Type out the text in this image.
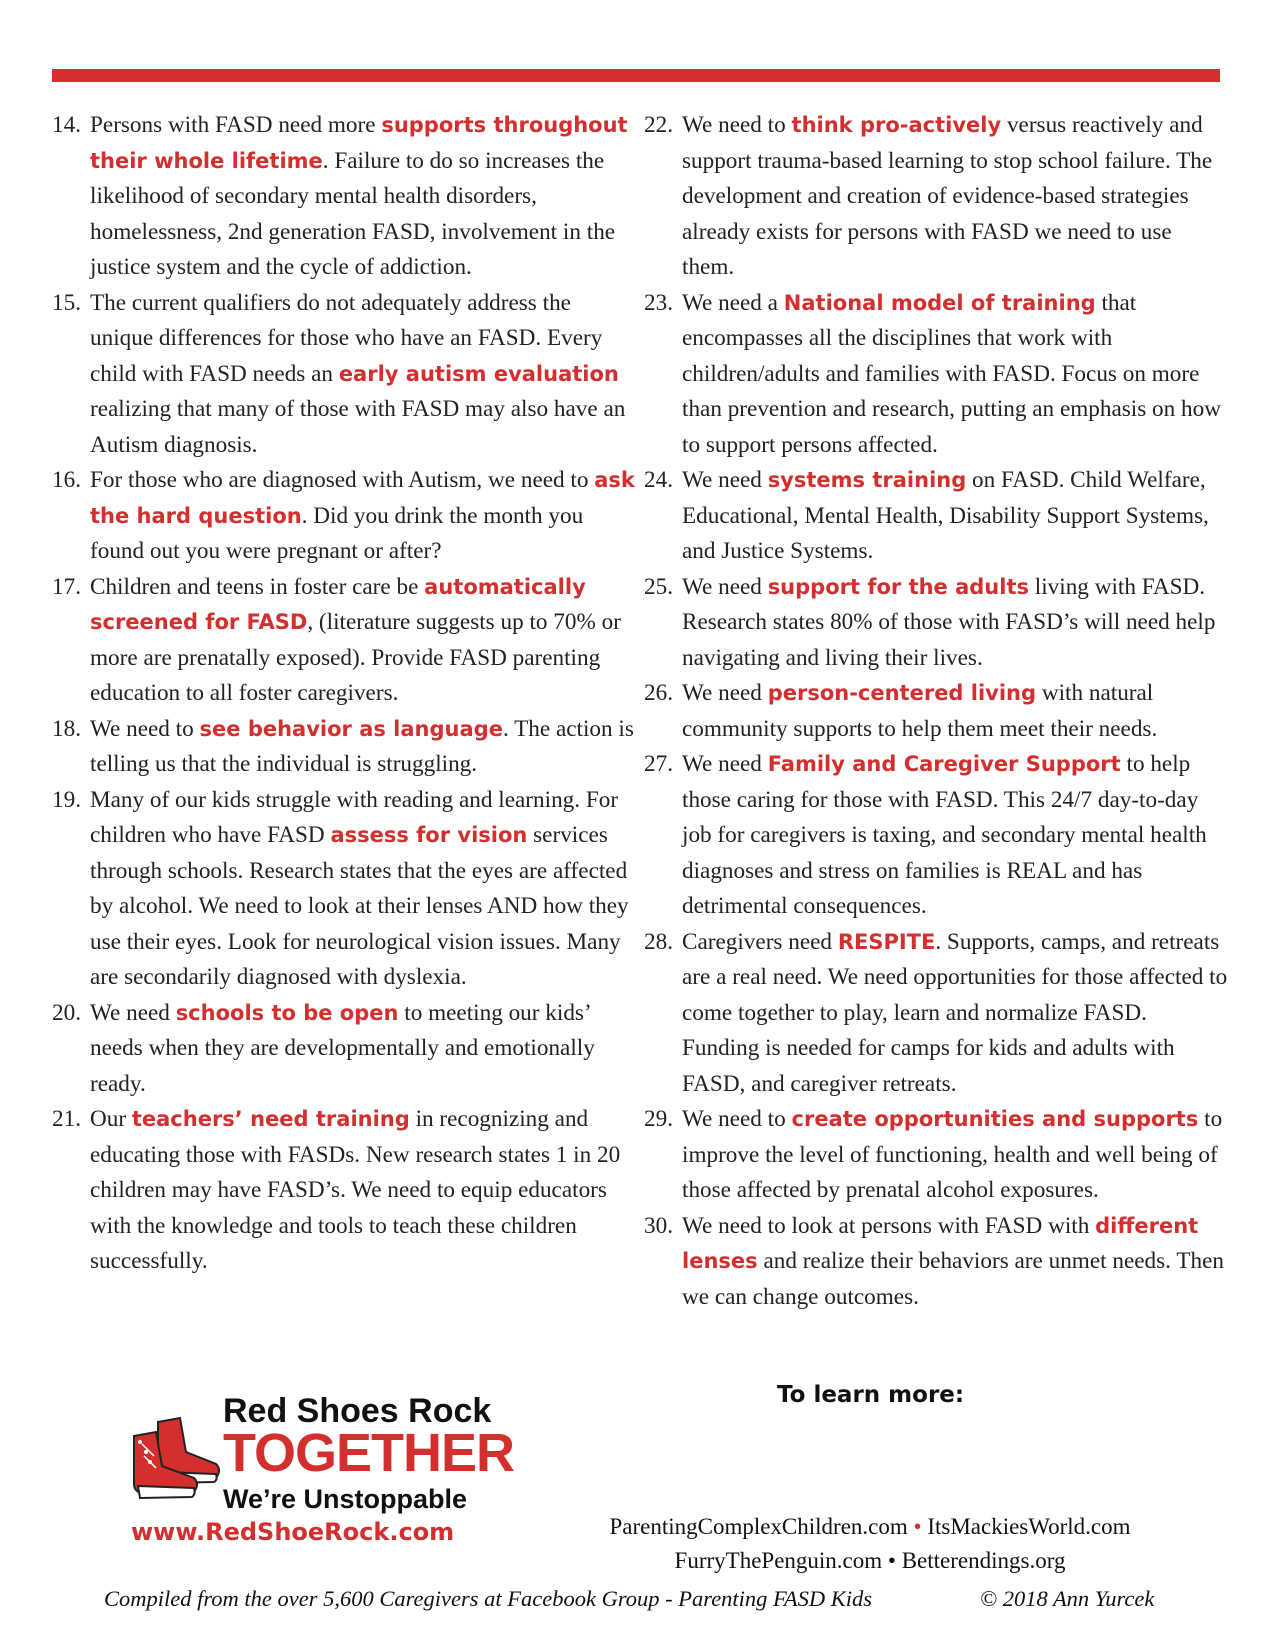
14. Persons with FASD need more supports throughout their whole lifetime. Failure to do so increases the likelihood of secondary mental health disorders, homelessness, 2nd generation FASD, involvement in the justice system and the cycle of addiction.
15. The current qualifiers do not adequately address the unique differences for those who have an FASD. Every child with FASD needs an early autism evaluation realizing that many of those with FASD may also have an Autism diagnosis.
16. For those who are diagnosed with Autism, we need to ask the hard question. Did you drink the month you found out you were pregnant or after?
17. Children and teens in foster care be automatically screened for FASD, (literature suggests up to 70% or more are prenatally exposed). Provide FASD parenting education to all foster caregivers.
18. We need to see behavior as language. The action is telling us that the individual is struggling.
19. Many of our kids struggle with reading and learning. For children who have FASD assess for vision services through schools. Research states that the eyes are affected by alcohol. We need to look at their lenses AND how they use their eyes. Look for neurological vision issues. Many are secondarily diagnosed with dyslexia.
20. We need schools to be open to meeting our kids’ needs when they are developmentally and emotionally ready.
21. Our teachers’ need training in recognizing and educating those with FASDs. New research states 1 in 20 children may have FASD’s. We need to equip educators with the knowledge and tools to teach these children successfully.
22. We need to think pro-actively versus reactively and support trauma-based learning to stop school failure. The development and creation of evidence-based strategies already exists for persons with FASD we need to use them.
23. We need a National model of training that encompasses all the disciplines that work with children/adults and families with FASD. Focus on more than prevention and research, putting an emphasis on how to support persons affected.
24. We need systems training on FASD. Child Welfare, Educational, Mental Health, Disability Support Systems, and Justice Systems.
25. We need support for the adults living with FASD. Research states 80% of those with FASD’s will need help navigating and living their lives.
26. We need person-centered living with natural community supports to help them meet their needs.
27. We need Family and Caregiver Support to help those caring for those with FASD. This 24/7 day-to-day job for caregivers is taxing, and secondary mental health diagnoses and stress on families is REAL and has detrimental consequences.
28. Caregivers need RESPITE. Supports, camps, and retreats are a real need. We need opportunities for those affected to come together to play, learn and normalize FASD. Funding is needed for camps for kids and adults with FASD, and caregiver retreats.
29. We need to create opportunities and supports to improve the level of functioning, health and well being of those affected by prenatal alcohol exposures.
30. We need to look at persons with FASD with different lenses and realize their behaviors are unmet needs. Then we can change outcomes.
To learn more:
Red Shoes Rock
TOGETHER
We’re Unstoppable
www.RedShoeRock.com	ParentingComplexChildren.com • ItsMackiesWorld.com
FurryThePenguin.com • Betterendings.org
Compiled from the over 5,600 Caregivers at Facebook Group - Parenting FASD Kids	© 2018 Ann Yurcek
